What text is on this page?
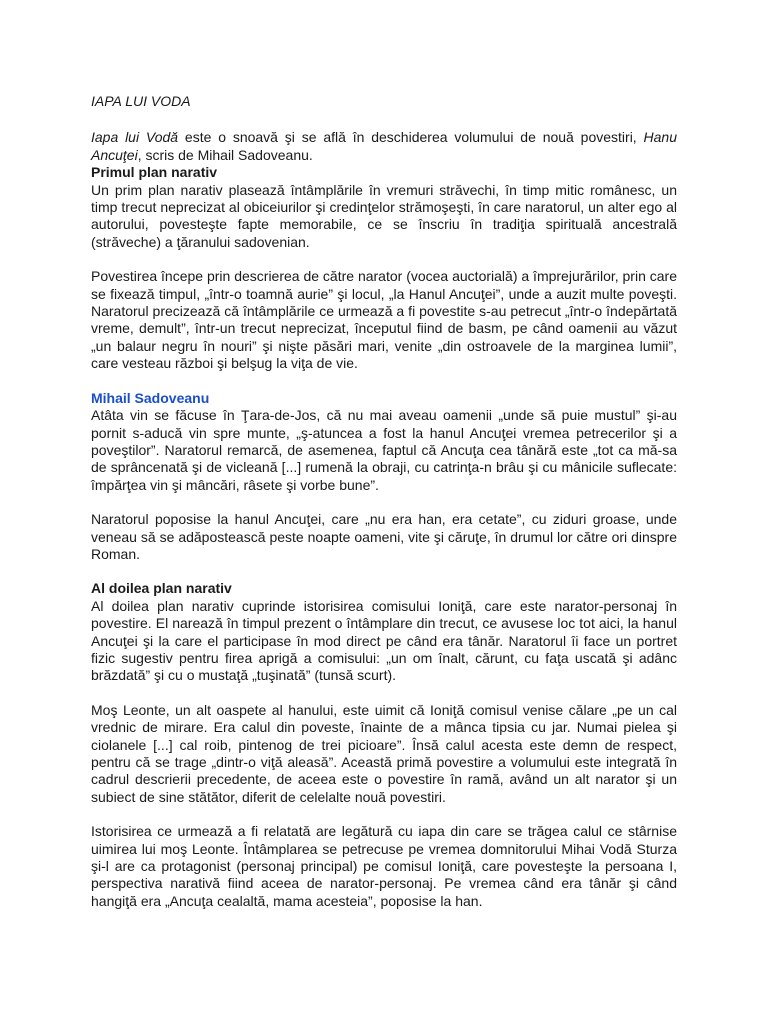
IAPA LUI VODA

Iapa lui Vodă este o snoavă şi se află în deschiderea volumului de nouă povestiri, Hanu Ancuţei, scris de Mihail Sadoveanu.

Primul plan narativ

Un prim plan narativ plasează întâmplările în vremuri străvechi, în timp mitic românesc, un timp trecut neprecizat al obiceiurilor şi credinţelor strămoşeşti, în care naratorul, un alter ego al autorului, povesteşte fapte memorabile, ce se înscriu în tradiţia spirituală ancestrală (străveche) a ţăranului sadovenian.

Povestirea începe prin descrierea de către narator (vocea auctorială) a împrejurărilor, prin care se fixează timpul, „într-o toamnă aurie” şi locul, „la Hanul Ancuţei”, unde a auzit multe poveşti. Naratorul precizează că întâmplările ce urmează a fi povestite s-au petrecut „într-o îndepărtată vreme, demult”, într-un trecut neprecizat, începutul fiind de basm, pe când oamenii au văzut „un balaur negru în nouri” şi nişte păsări mari, venite „din ostroavele de la marginea lumii”, care vesteau război şi belşug la viţa de vie.

Mihail Sadoveanu

Atâta vin se făcuse în Ţara-de-Jos, că nu mai aveau oamenii „unde să puie mustul” şi-au pornit s-aducă vin spre munte, „ş-atuncea a fost la hanul Ancuţei vremea petrecerilor şi a poveştilor”. Naratorul remarcă, de asemenea, faptul că Ancuţa cea tânără este „tot ca mă-sa de sprâncenată şi de vicleană [...] rumenă la obraji, cu catrinţa-n brâu şi cu mânicile suflecate: împărţea vin şi mâncări, râsete şi vorbe bune”.

Naratorul poposise la hanul Ancuţei, care „nu era han, era cetate”, cu ziduri groase, unde veneau să se adăpostească peste noapte oameni, vite şi căruţe, în drumul lor către ori dinspre Roman.

Al doilea plan narativ

Al doilea plan narativ cuprinde istorisirea comisului Ioniţă, care este narator-personaj în povestire. El narează în timpul prezent o întâmplare din trecut, ce avusese loc tot aici, la hanul Ancuţei şi la care el participase în mod direct pe când era tânăr. Naratorul îi face un portret fizic sugestiv pentru firea aprigă a comisului: „un om înalt, cărunt, cu faţa uscată şi adânc brăzdată” şi cu o mustaţă „tuşinată” (tunsă scurt).

Moş Leonte, un alt oaspete al hanului, este uimit că Ioniţă comisul venise călare „pe un cal vrednic de mirare. Era calul din poveste, înainte de a mânca tipsia cu jar. Numai pielea şi ciolanele [...] cal roib, pintenog de trei picioare”. Însă calul acesta este demn de respect, pentru că se trage „dintr-o viţă aleasă”. Această primă povestire a volumului este integrată în cadrul descrierii precedente, de aceea este o povestire în ramă, având un alt narator şi un subiect de sine stătător, diferit de celelalte nouă povestiri.

Istorisirea ce urmează a fi relatată are legătură cu iapa din care se trăgea calul ce stârnise uimirea lui moş Leonte. Întâmplarea se petrecuse pe vremea domnitorului Mihai Vodă Sturza şi-l are ca protagonist (personaj principal) pe comisul Ioniţă, care povesteşte la persoana I, perspectiva narativă fiind aceea de narator-personaj. Pe vremea când era tânăr şi când hangiţă era „Ancuţa cealaltă, mama acesteia”, poposise la han.
